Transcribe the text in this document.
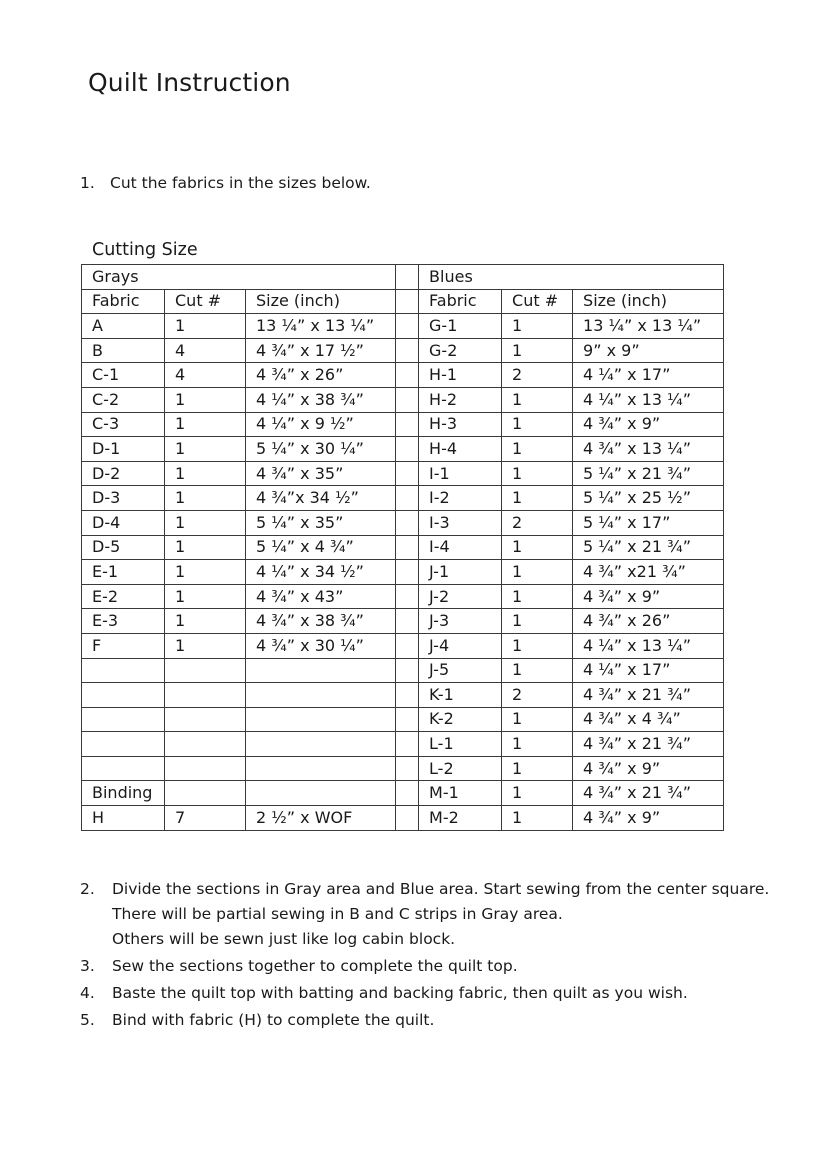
Quilt Instruction
1. Cut the fabrics in the sizes below.
Cutting Size
Grays				Blues		
Fabric	Cut #	Size (inch)		Fabric	Cut #	Size (inch)
A	1	13 ¼” x 13 ¼”		G-1	1	13 ¼” x 13 ¼”
B	4	4 ¾” x 17 ½”		G-2	1	9” x 9”
C-1	4	4 ¾” x 26”		H-1	2	4 ¼” x 17”
C-2	1	4 ¼” x 38 ¾”		H-2	1	4 ¼” x 13 ¼”
C-3	1	4 ¼” x 9 ½”		H-3	1	4 ¾” x 9”
D-1	1	5 ¼” x 30 ¼”		H-4	1	4 ¾” x 13 ¼”
D-2	1	4 ¾” x 35”		I-1	1	5 ¼” x 21 ¾”
D-3	1	4 ¾”x 34 ½”		I-2	1	5 ¼” x 25 ½”
D-4	1	5 ¼” x 35”		I-3	2	5 ¼” x 17”
D-5	1	5 ¼” x 4 ¾”		I-4	1	5 ¼” x 21 ¾”
E-1	1	4 ¼” x 34 ½”		J-1	1	4 ¾” x21 ¾”
E-2	1	4 ¾” x 43”		J-2	1	4 ¾” x 9”
E-3	1	4 ¾” x 38 ¾”		J-3	1	4 ¾” x 26”
F	1	4 ¾” x 30 ¼”		J-4	1	4 ¼” x 13 ¼”
				J-5	1	4 ¼” x 17”
				K-1	2	4 ¾” x 21 ¾”
				K-2	1	4 ¾” x 4 ¾”
				L-1	1	4 ¾” x 21 ¾”
				L-2	1	4 ¾” x 9”
Binding				M-1	1	4 ¾” x 21 ¾”
H	7	2 ½” x WOF		M-2	1	4 ¾” x 9”
2. Divide the sections in Gray area and Blue area. Start sewing from the center square.
There will be partial sewing in B and C strips in Gray area.
Others will be sewn just like log cabin block.
3. Sew the sections together to complete the quilt top.
4. Baste the quilt top with batting and backing fabric, then quilt as you wish.
5. Bind with fabric (H) to complete the quilt.
